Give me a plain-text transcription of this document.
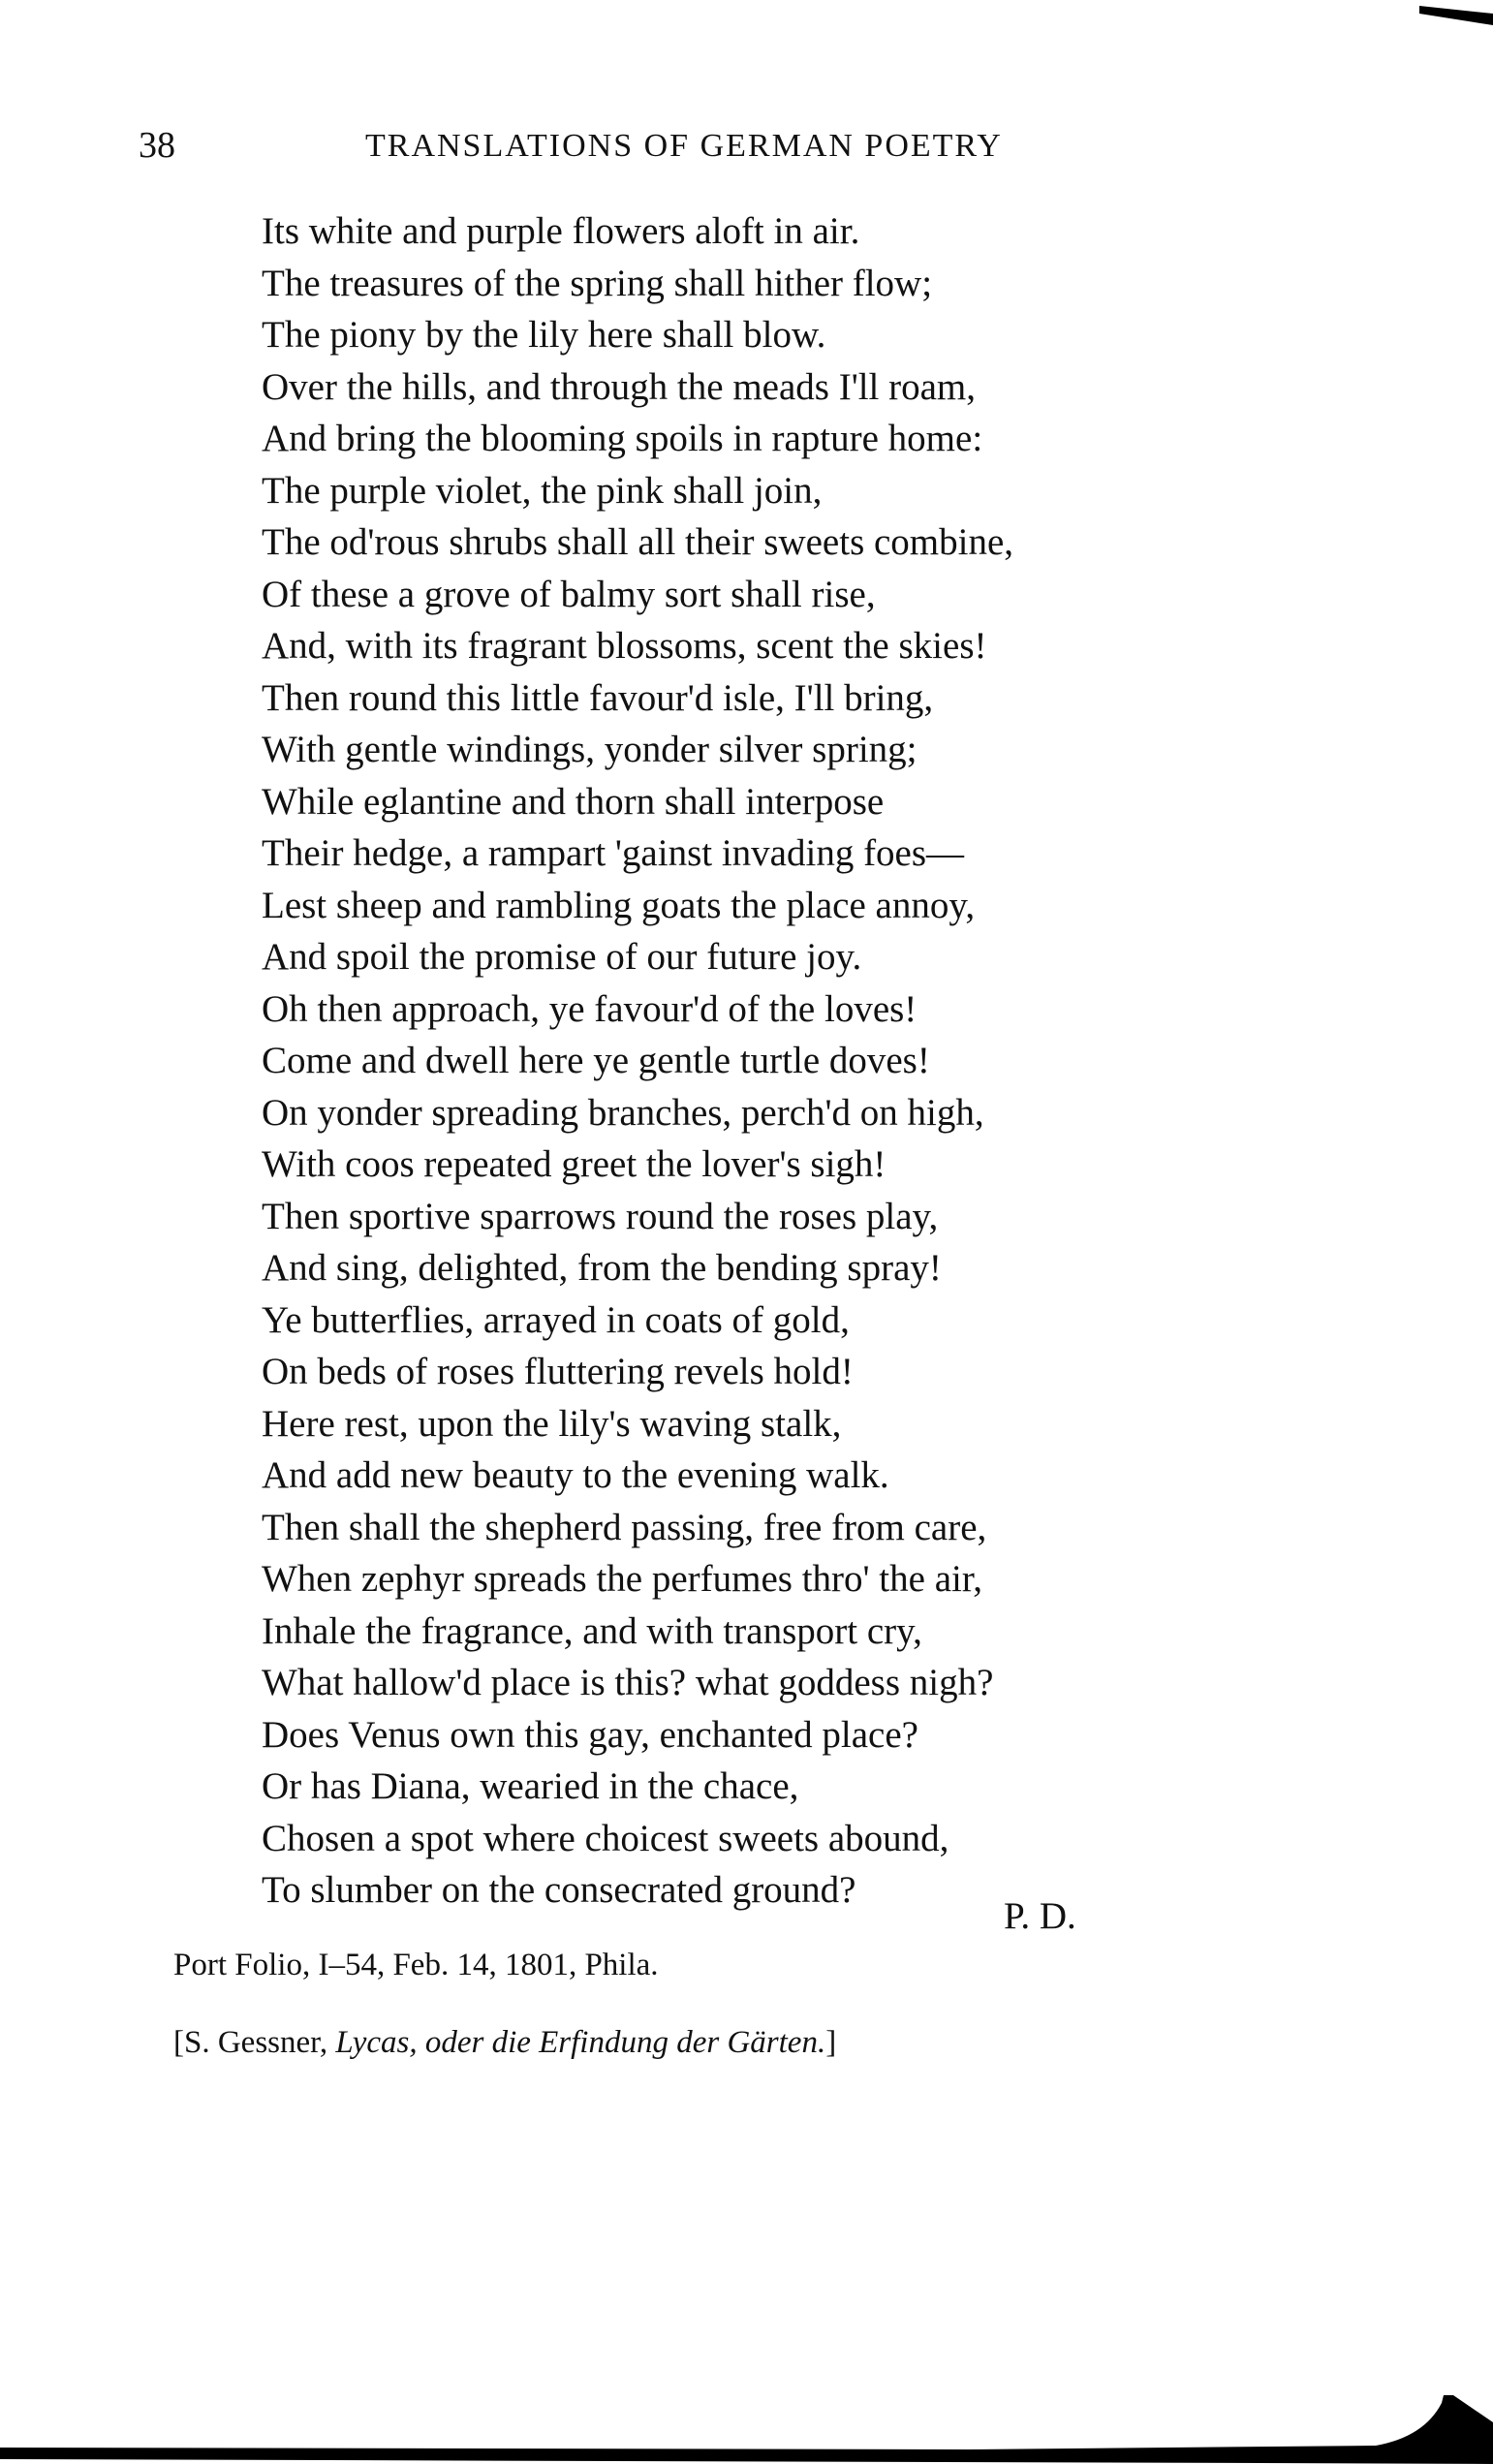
38	TRANSLATIONS OF GERMAN POETRY
Its white and purple flowers aloft in air.
The treasures of the spring shall hither flow;
The piony by the lily here shall blow.
Over the hills, and through the meads I'll roam,
And bring the blooming spoils in rapture home:
The purple violet, the pink shall join,
The od'rous shrubs shall all their sweets combine,
Of these a grove of balmy sort shall rise,
And, with its fragrant blossoms, scent the skies!
Then round this little favour'd isle, I'll bring,
With gentle windings, yonder silver spring;
While eglantine and thorn shall interpose
Their hedge, a rampart 'gainst invading foes—
Lest sheep and rambling goats the place annoy,
And spoil the promise of our future joy.
Oh then approach, ye favour'd of the loves!
Come and dwell here ye gentle turtle doves!
On yonder spreading branches, perch'd on high,
With coos repeated greet the lover's sigh!
Then sportive sparrows round the roses play,
And sing, delighted, from the bending spray!
Ye butterflies, arrayed in coats of gold,
On beds of roses fluttering revels hold!
Here rest, upon the lily's waving stalk,
And add new beauty to the evening walk.
Then shall the shepherd passing, free from care,
When zephyr spreads the perfumes thro' the air,
Inhale the fragrance, and with transport cry,
What hallow'd place is this? what goddess nigh?
Does Venus own this gay, enchanted place?
Or has Diana, wearied in the chace,
Chosen a spot where choicest sweets abound,
To slumber on the consecrated ground?
P. D.
Port Folio, I–54, Feb. 14, 1801, Phila.
[S. Gessner, Lycas, oder die Erfindung der Gärten.]
